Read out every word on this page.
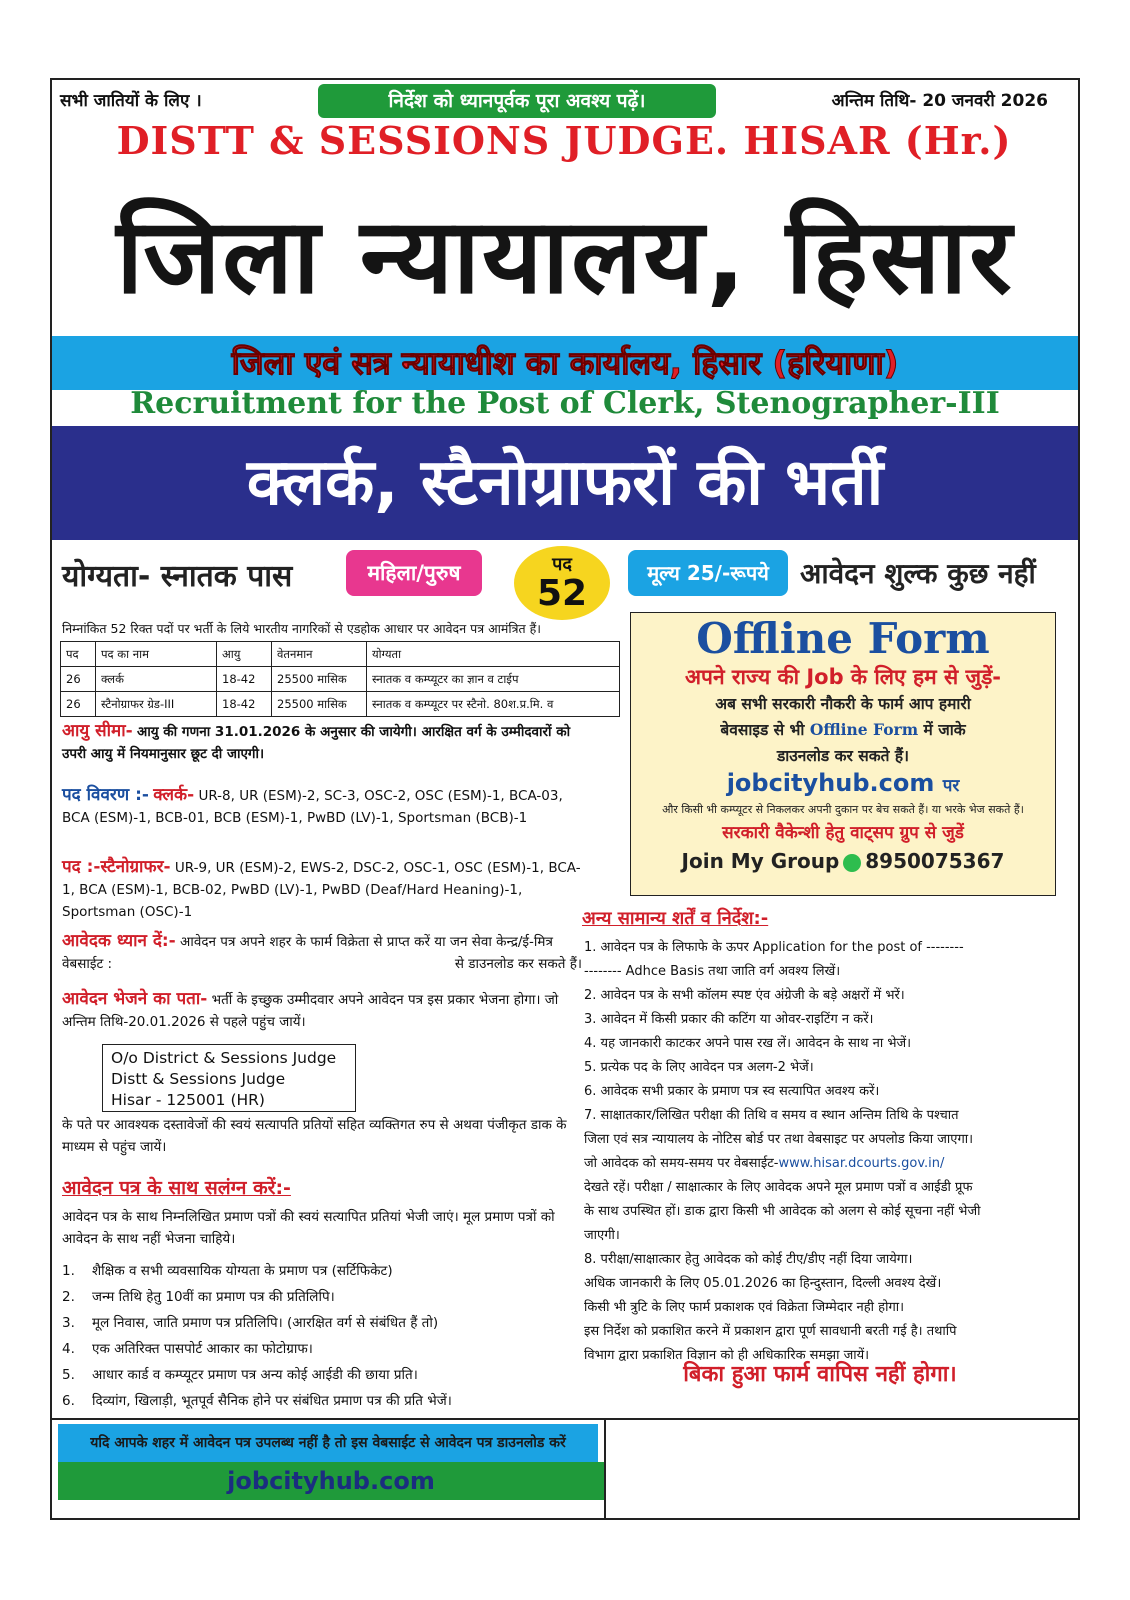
सभी जातियों के लिए ।	निर्देश को ध्यानपूर्वक पूरा अवश्य पढ़ें।	अन्तिम तिथि- 20 जनवरी 2026
DISTT & SESSIONS JUDGE. HISAR (Hr.)
जिला न्यायालय, हिसार
जिला एवं सत्र न्यायाधीश का कार्यालय, हिसार (हरियाणा)
Recruitment for the Post of Clerk, Stenographer-III
क्लर्क, स्टैनोग्राफरों की भर्ती
योग्यता- स्नातक पास	महिला/पुरुष	पद
52	मूल्य 25/-रूपये	आवेदन शुल्क कुछ नहीं
निम्नांकित 52 रिक्त पदों पर भर्ती के लिये भारतीय नागरिकों से एडहोक आधार पर आवेदन पत्र आमंत्रित हैं।
पद	पद का नाम	आयु	वेतनमान	योग्यता
26	क्लर्क	18-42	25500 मासिक	स्नातक व कम्प्यूटर का ज्ञान व टाईप
26	स्टैनोग्राफर ग्रेड-III	18-42	25500 मासिक	स्नातक व कम्प्यूटर पर स्टैनो. 80श.प्र.मि. व
आयु सीमा- आयु की गणना 31.01.2026 के अनुसार की जायेगी। आरक्षित वर्ग के उम्मीदवारों को उपरी आयु में नियमानुसार छूट दी जाएगी।
पद विवरण :- क्लर्क- UR-8, UR (ESM)-2, SC-3, OSC-2, OSC (ESM)-1, BCA-03, BCA (ESM)-1, BCB-01, BCB (ESM)-1, PwBD (LV)-1, Sportsman (BCB)-1
पद :-स्टैनोग्राफर- UR-9, UR (ESM)-2, EWS-2, DSC-2, OSC-1, OSC (ESM)-1, BCA-1, BCA (ESM)-1, BCB-02, PwBD (LV)-1, PwBD (Deaf/Hard Heaning)-1, Sportsman (OSC)-1
आवेदक ध्यान दें:- आवेदन पत्र अपने शहर के फार्म विक्रेता से प्राप्त करें या जन सेवा केन्द्र/ई-मित्र वेबसाईट :	से डाउनलोड कर सकते हैं।
आवेदन भेजने का पता- भर्ती के इच्छुक उम्मीदवार अपने आवेदन पत्र इस प्रकार भेजना होगा। जो अन्तिम तिथि-20.01.2026 से पहले पहुंच जायें।
O/o District & Sessions Judge
Distt & Sessions Judge
Hisar - 125001 (HR)
के पते पर आवश्यक दस्तावेजों की स्वयं सत्यापति प्रतियों सहित व्यक्तिगत रुप से अथवा पंजीकृत डाक के माध्यम से पहुंच जायें।
आवेदन पत्र के साथ सलंग्न करें:-
आवेदन पत्र के साथ निम्नलिखित प्रमाण पत्रों की स्वयं सत्यापित प्रतियां भेजी जाएं। मूल प्रमाण पत्रों को आवेदन के साथ नहीं भेजना चाहिये।
1.	शैक्षिक व सभी व्यवसायिक योग्यता के प्रमाण पत्र (सर्टिफिकेट)
2.	जन्म तिथि हेतु 10वीं का प्रमाण पत्र की प्रतिलिपि।
3.	मूल निवास, जाति प्रमाण पत्र प्रतिलिपि। (आरक्षित वर्ग से संबंधित हैं तो)
4.	एक अतिरिक्त पासपोर्ट आकार का फोटोग्राफ।
5.	आधार कार्ड व कम्प्यूटर प्रमाण पत्र अन्य कोई आईडी की छाया प्रति।
6.	दिव्यांग, खिलाड़ी, भूतपूर्व सैनिक होने पर संबंधित प्रमाण पत्र की प्रति भेजें।
Offline Form
अपने राज्य की Job के लिए हम से जुड़ें-
अब सभी सरकारी नौकरी के फार्म आप हमारी
बेवसाइड से भी Offline Form में जाके
डाउनलोड कर सकते हैं।
jobcityhub.com पर
और किसी भी कम्प्यूटर से निकलकर अपनी दुकान पर बेच सकते हैं। या भरके भेज सकते हैं।
सरकारी वैकेन्शी हेतु वाट्सप ग्रुप से जुडें
Join My Group 8950075367
अन्य सामान्य शर्तें व निर्देश:-
1. आवेदन पत्र के लिफाफे के ऊपर Application for the post of --------
-------- Adhce Basis तथा जाति वर्ग अवश्य लिखें।
2. आवेदन पत्र के सभी कॉलम स्पष्ट एंव अंग्रेजी के बड़े अक्षरों में भरें।
3. आवेदन में किसी प्रकार की कटिंग या ओवर-राइटिंग न करें।
4. यह जानकारी काटकर अपने पास रख लें। आवेदन के साथ ना भेजें।
5. प्रत्येक पद के लिए आवेदन पत्र अलग-2 भेजें।
6. आवेदक सभी प्रकार के प्रमाण पत्र स्व सत्यापित अवश्य करें।
7. साक्षातकार/लिखित परीक्षा की तिथि व समय व स्थान अन्तिम तिथि के पश्चात
जिला एवं सत्र न्यायालय के नोटिस बोर्ड पर तथा वेबसाइट पर अपलोड किया जाएगा।
जो आवेदक को समय-समय पर वेबसाईट-www.hisar.dcourts.gov.in/
देखते रहें। परीक्षा / साक्षात्कार के लिए आवेदक अपने मूल प्रमाण पत्रों व आईडी प्रूफ
के साथ उपस्थित हों। डाक द्वारा किसी भी आवेदक को अलग से कोई सूचना नहीं भेजी
जाएगी।
8. परीक्षा/साक्षात्कार हेतु आवेदक को कोई टीए/डीए नहीं दिया जायेगा।
अधिक जानकारी के लिए 05.01.2026 का हिन्दुस्तान, दिल्ली अवश्य देखें।
किसी भी त्रुटि के लिए फार्म प्रकाशक एवं विक्रेता जिम्मेदार नही होगा।
इस निर्देश को प्रकाशित करने में प्रकाशन द्वारा पूर्ण सावधानी बरती गई है। तथापि
विभाग द्वारा प्रकाशित विज्ञान को ही अधिकारिक समझा जायें।
बिका हुआ फार्म वापिस नहीं होगा।
यदि आपके शहर में आवेदन पत्र उपलब्ध नहीं है तो इस वेबसाईट से आवेदन पत्र डाउनलोड करें
jobcityhub.com
